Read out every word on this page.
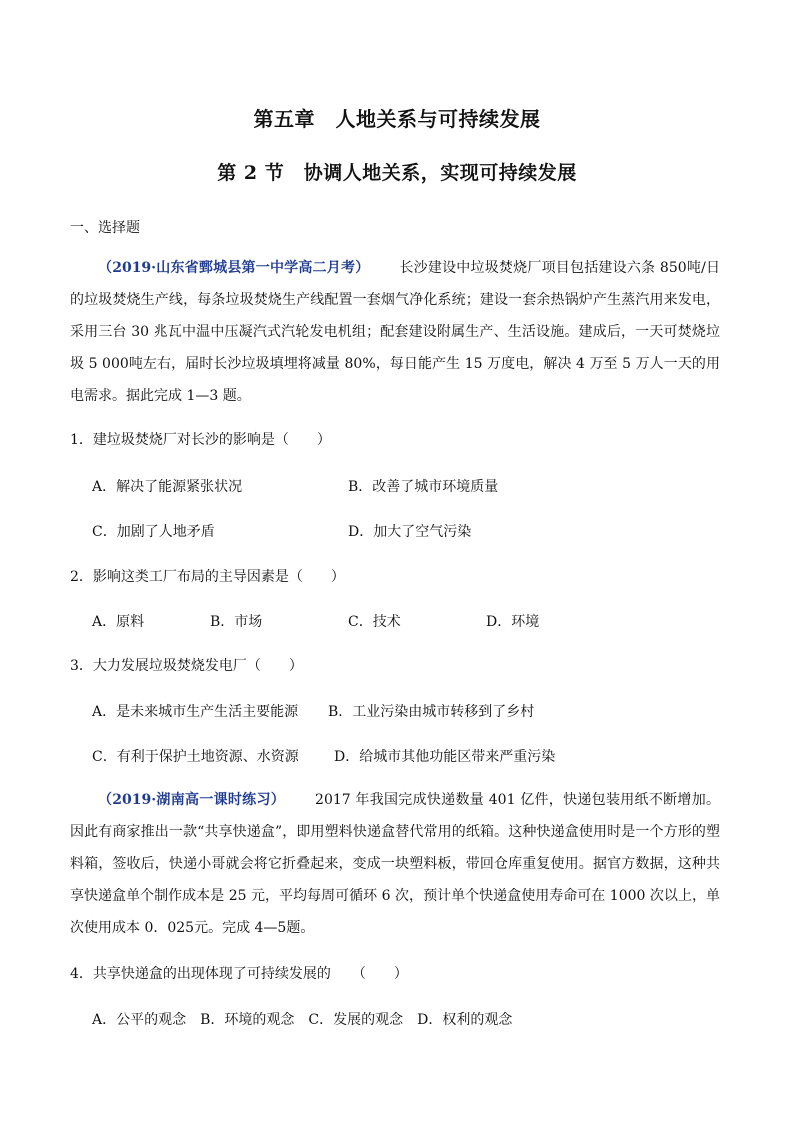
第五章　人地关系与可持续发展
第 2 节　协调人地关系，实现可持续发展
一、选择题
（2019·山东省鄄城县第一中学高二月考） 长沙建设中垃圾焚烧厂项目包括建设六条 850吨/日的垃圾焚烧生产线，每条垃圾焚烧生产线配置一套烟气净化系统；建设一套余热锅炉产生蒸汽用来发电，采用三台 30 兆瓦中温中压凝汽式汽轮发电机组；配套建设附属生产、生活设施。建成后，一天可焚烧垃圾 5 000吨左右，届时长沙垃圾填埋将减量 80%，每日能产生 15 万度电，解决 4 万至 5 万人一天的用电需求。据此完成 1—3 题。
1．建垃圾焚烧厂对长沙的影响是（　　）
A．解决了能源紧张状况	B．改善了城市环境质量
C．加剧了人地矛盾	D．加大了空气污染
2．影响这类工厂布局的主导因素是（　　）
A．原料	B．市场	C．技术	D．环境
3．大力发展垃圾焚烧发电厂（　　）
A．是未来城市生产生活主要能源 B．工业污染由城市转移到了乡村
C．有利于保护土地资源、水资源	D．给城市其他功能区带来严重污染
（2019·湖南高一课时练习） 2017 年我国完成快递数量 401 亿件，快递包装用纸不断增加。因此有商家推出一款“共享快递盒”，即用塑料快递盒替代常用的纸箱。这种快递盒使用时是一个方形的塑料箱，签收后，快递小哥就会将它折叠起来，变成一块塑料板，带回仓库重复使用。据官方数据，这种共享快递盒单个制作成本是 25 元，平均每周可循环 6 次，预计单个快递盒使用寿命可在 1000 次以上，单次使用成本 0．025元。完成 4—5题。
4．共享快递盒的出现体现了可持续发展的　　（　　）
A．公平的观念　B．环境的观念　C．发展的观念　D．权利的观念
